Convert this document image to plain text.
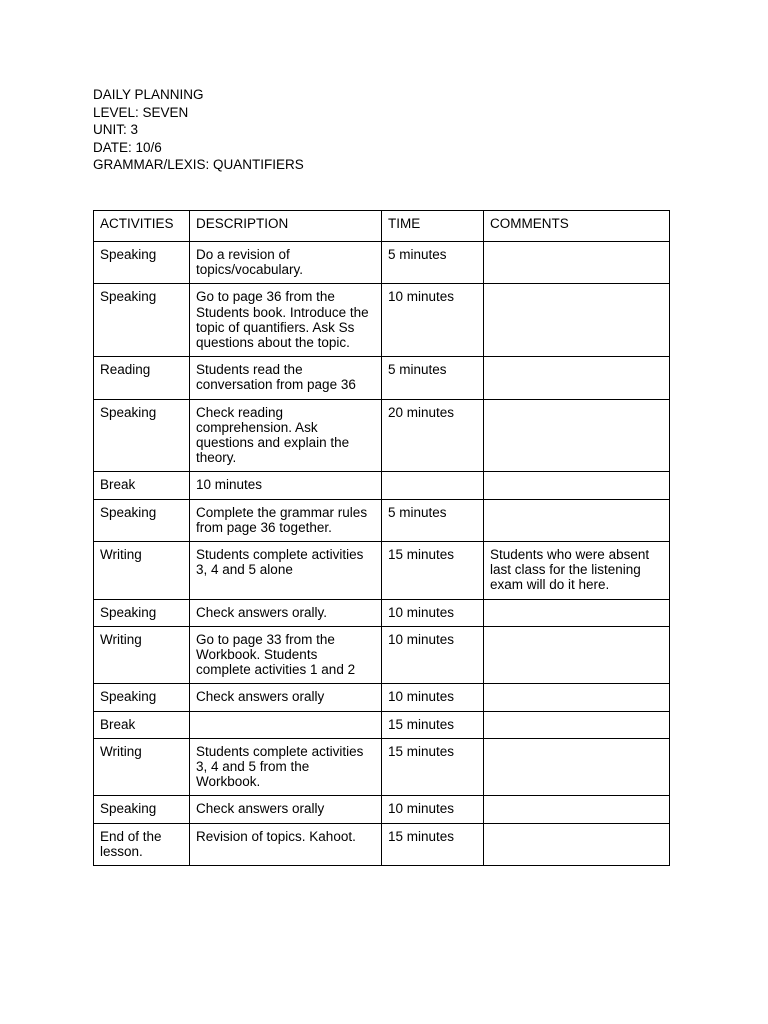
DAILY PLANNING
LEVEL: SEVEN
UNIT: 3
DATE: 10/6
GRAMMAR/LEXIS: QUANTIFIERS
ACTIVITIES	DESCRIPTION	TIME	COMMENTS
Speaking	Do a revision of topics/vocabulary.	5 minutes	
Speaking	Go to page 36 from the Students book. Introduce the topic of quantifiers. Ask Ss questions about the topic.	10 minutes	
Reading	Students read the conversation from page 36	5 minutes	
Speaking	Check reading comprehension. Ask questions and explain the theory.	20 minutes	
Break	10 minutes		
Speaking	Complete the grammar rules from page 36 together.	5 minutes	
Writing	Students complete activities 3, 4 and 5 alone	15 minutes	Students who were absent last class for the listening exam will do it here.
Speaking	Check answers orally.	10 minutes	
Writing	Go to page 33 from the Workbook. Students complete activities 1 and 2	10 minutes	
Speaking	Check answers orally	10 minutes	
Break		15 minutes	
Writing	Students complete activities 3, 4 and 5 from the Workbook.	15 minutes	
Speaking	Check answers orally	10 minutes	
End of the lesson.	Revision of topics. Kahoot.	15 minutes	
